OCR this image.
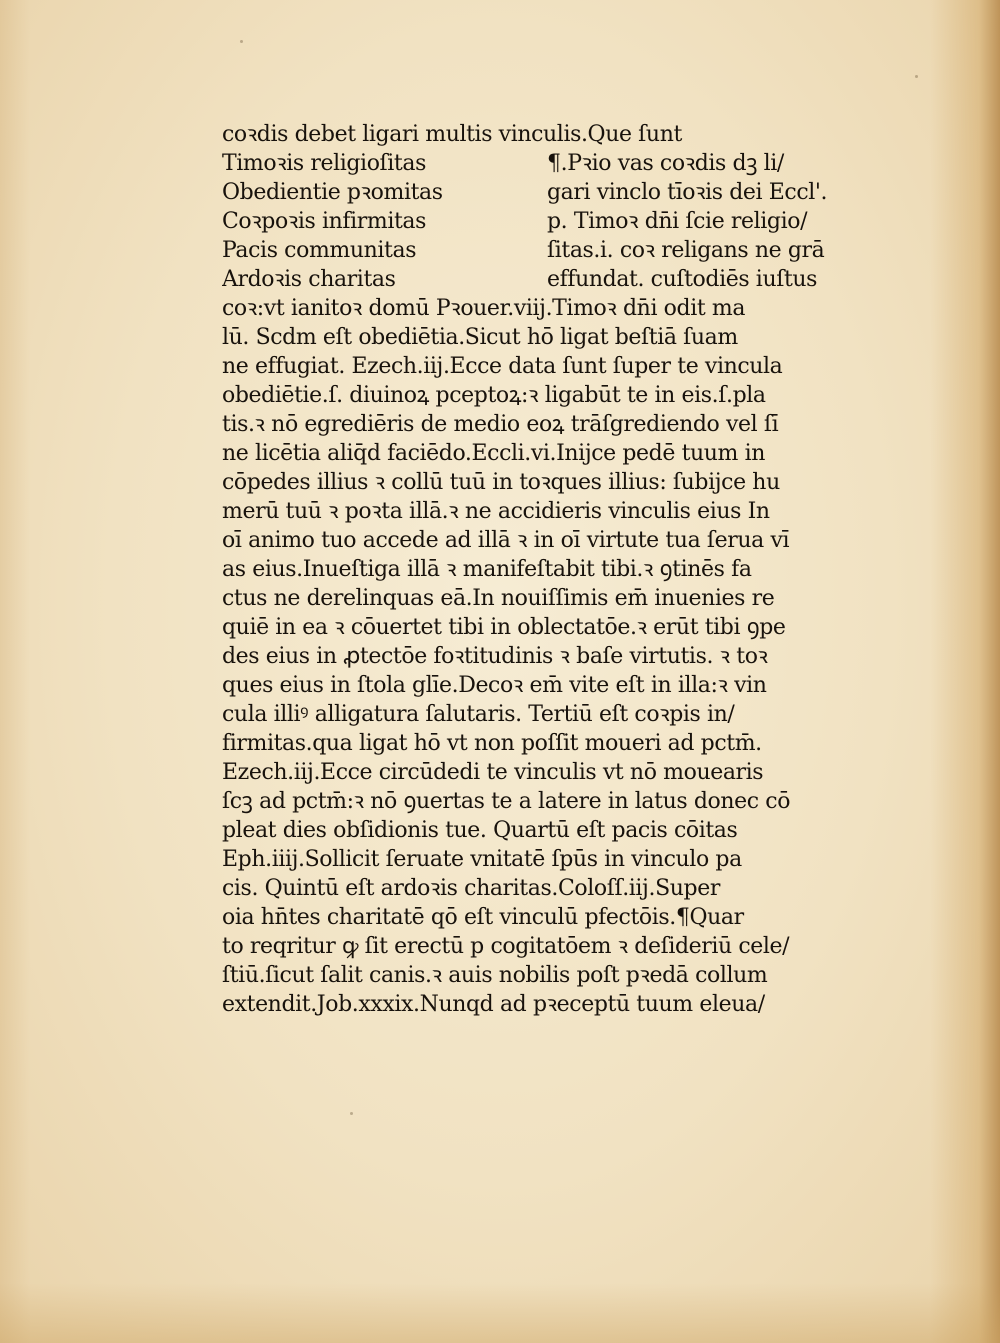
coꝛdis debet ligari multis vinculis.Que ſunt
Timoꝛis religioſitas	¶.Pꝛio vas coꝛdis dꝫ li/
Obedientie pꝛomitas	gari vinclo tīoꝛis dei Eccl'.
Coꝛpoꝛis infirmitas	p. Timoꝛ dn̄i ſcie religio/
Pacis communitas	ſitas.i. coꝛ religans ne grā
Ardoꝛis charitas	effundat. cuſtodiēs iuſtus
coꝛ:vt ianitoꝛ domū Pꝛouer.viij.Timoꝛ dn̄i odit ma
lū. Scdm eſt obediētia.Sicut hō ligat beſtiā ſuam
ne effugiat. Ezech.iij.Ecce data ſunt ſuper te vincula
obediētie.ſ. diuinoꝝ pceptoꝝ:ꝛ ligabūt te in eis.ſ.pla
tis.ꝛ nō egrediēris de medio eoꝝ trāſgrediendo vel ſī
ne licētia aliq̄d faciēdo.Eccli.vi.Inijce pedē tuum in
cōpedes illius ꝛ collū tuū in toꝛques illius: ſubijce hu
merū tuū ꝛ poꝛta illā.ꝛ ne accidieris vinculis eius In
oī animo tuo accede ad illā ꝛ in oī virtute tua ſerua vī
as eius.Inueſtiga illā ꝛ manifeſtabit tibi.ꝛ ꝯtinēs fa
ctus ne derelinquas eā.In nouiſſimis em̄ inuenies re
quiē in ea ꝛ cōuertet tibi in oblectatōe.ꝛ erūt tibi ꝯpe
des eius in ꝓtectōe foꝛtitudinis ꝛ baſe virtutis. ꝛ toꝛ
ques eius in ſtola glīe.Decoꝛ em̄ vite eſt in illa:ꝛ vin
cula illiꝰ alligatura ſalutaris. Tertiū eſt coꝛpis in/
firmitas.qua ligat hō vt non poſſit moueri ad pctm̄.
Ezech.iij.Ecce circūdedi te vinculis vt nō mouearis
ſcꝫ ad pctm̄:ꝛ nō ꝯuertas te a latere in latus donec cō
pleat dies obſidionis tue. Quartū eſt pacis cōitas
Eph.iiij.Sollicit ſeruate vnitatē ſpūs in vinculo pa
cis. Quintū eſt ardoꝛis charitas.Coloſſ.iij.Super
oia hn̄tes charitatē qō eſt vinculū pfectōis.¶Quar
to reqritur ꝙ ſit erectū p cogitatōem ꝛ deſideriū cele/
ſtiū.ſicut ſalit canis.ꝛ auis nobilis poſt pꝛedā collum
extendit.Job.xxxix.Nunqd ad pꝛeceptū tuum eleua/
